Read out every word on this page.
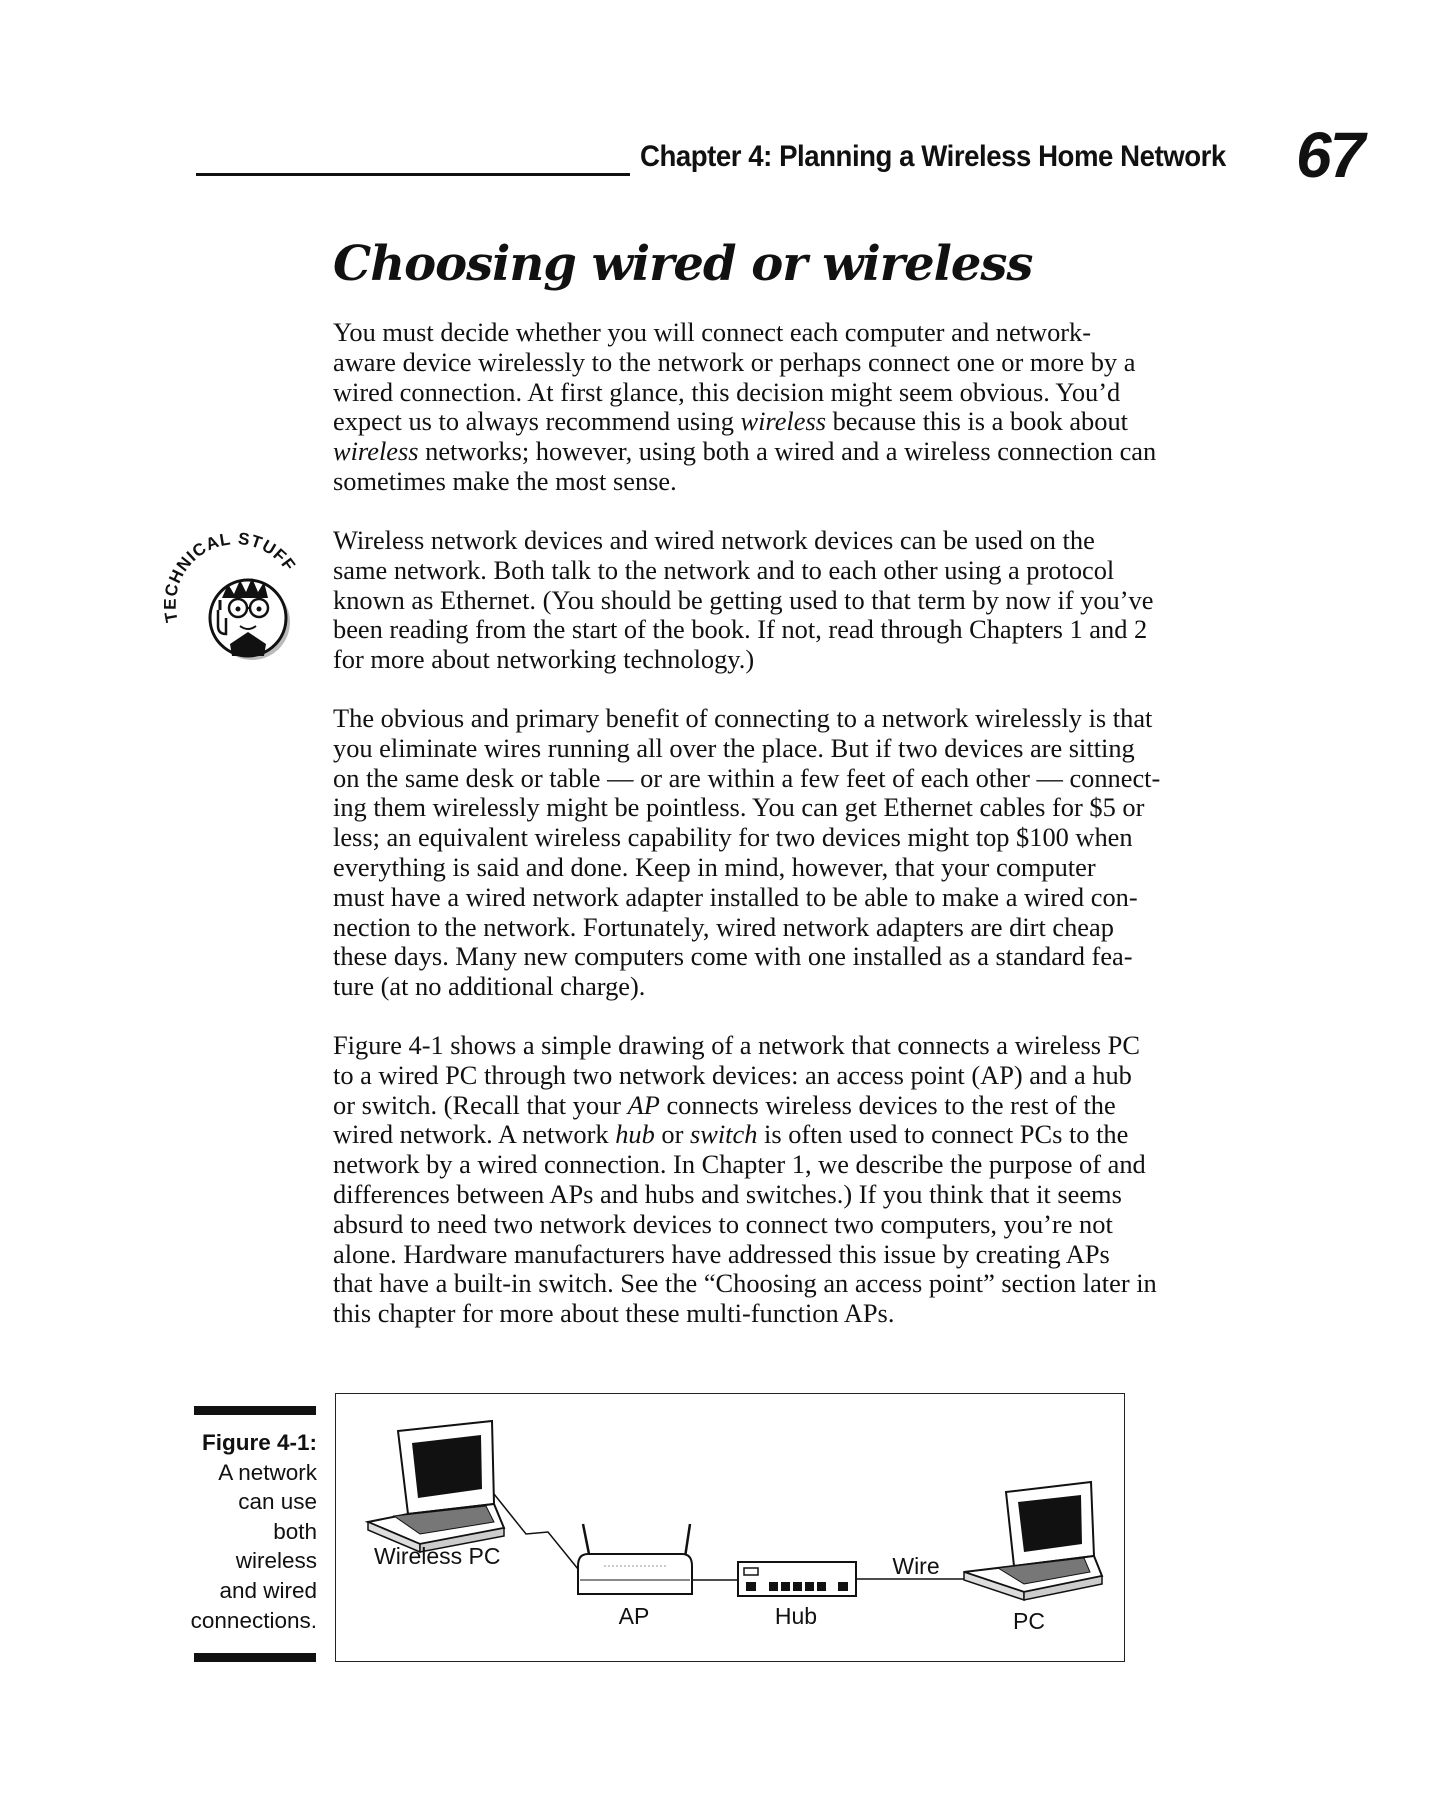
Chapter 4: Planning a Wireless Home Network 67
Choosing wired or wireless
TECHNICAL STUFF
You must decide whether you will connect each computer and network-
aware device wirelessly to the network or perhaps connect one or more by a
wired connection. At first glance, this decision might seem obvious. You’d
expect us to always recommend using wireless because this is a book about
wireless networks; however, using both a wired and a wireless connection can
sometimes make the most sense.
Wireless network devices and wired network devices can be used on the
same network. Both talk to the network and to each other using a protocol
known as Ethernet. (You should be getting used to that term by now if you’ve
been reading from the start of the book. If not, read through Chapters 1 and 2
for more about networking technology.)
The obvious and primary benefit of connecting to a network wirelessly is that
you eliminate wires running all over the place. But if two devices are sitting
on the same desk or table — or are within a few feet of each other — connect-
ing them wirelessly might be pointless. You can get Ethernet cables for $5 or
less; an equivalent wireless capability for two devices might top $100 when
everything is said and done. Keep in mind, however, that your computer
must have a wired network adapter installed to be able to make a wired con-
nection to the network. Fortunately, wired network adapters are dirt cheap
these days. Many new computers come with one installed as a standard fea-
ture (at no additional charge).
Figure 4-1 shows a simple drawing of a network that connects a wireless PC
to a wired PC through two network devices: an access point (AP) and a hub
or switch. (Recall that your AP connects wireless devices to the rest of the
wired network. A network hub or switch is often used to connect PCs to the
network by a wired connection. In Chapter 1, we describe the purpose of and
differences between APs and hubs and switches.) If you think that it seems
absurd to need two network devices to connect two computers, you’re not
alone. Hardware manufacturers have addressed this issue by creating APs
that have a built-in switch. See the “Choosing an access point” section later in
this chapter for more about these multi-function APs.
Figure 4-1:
A network
can use
both
wireless
and wired
connections.
Wireless PC
AP	Hub
Wire
PC
